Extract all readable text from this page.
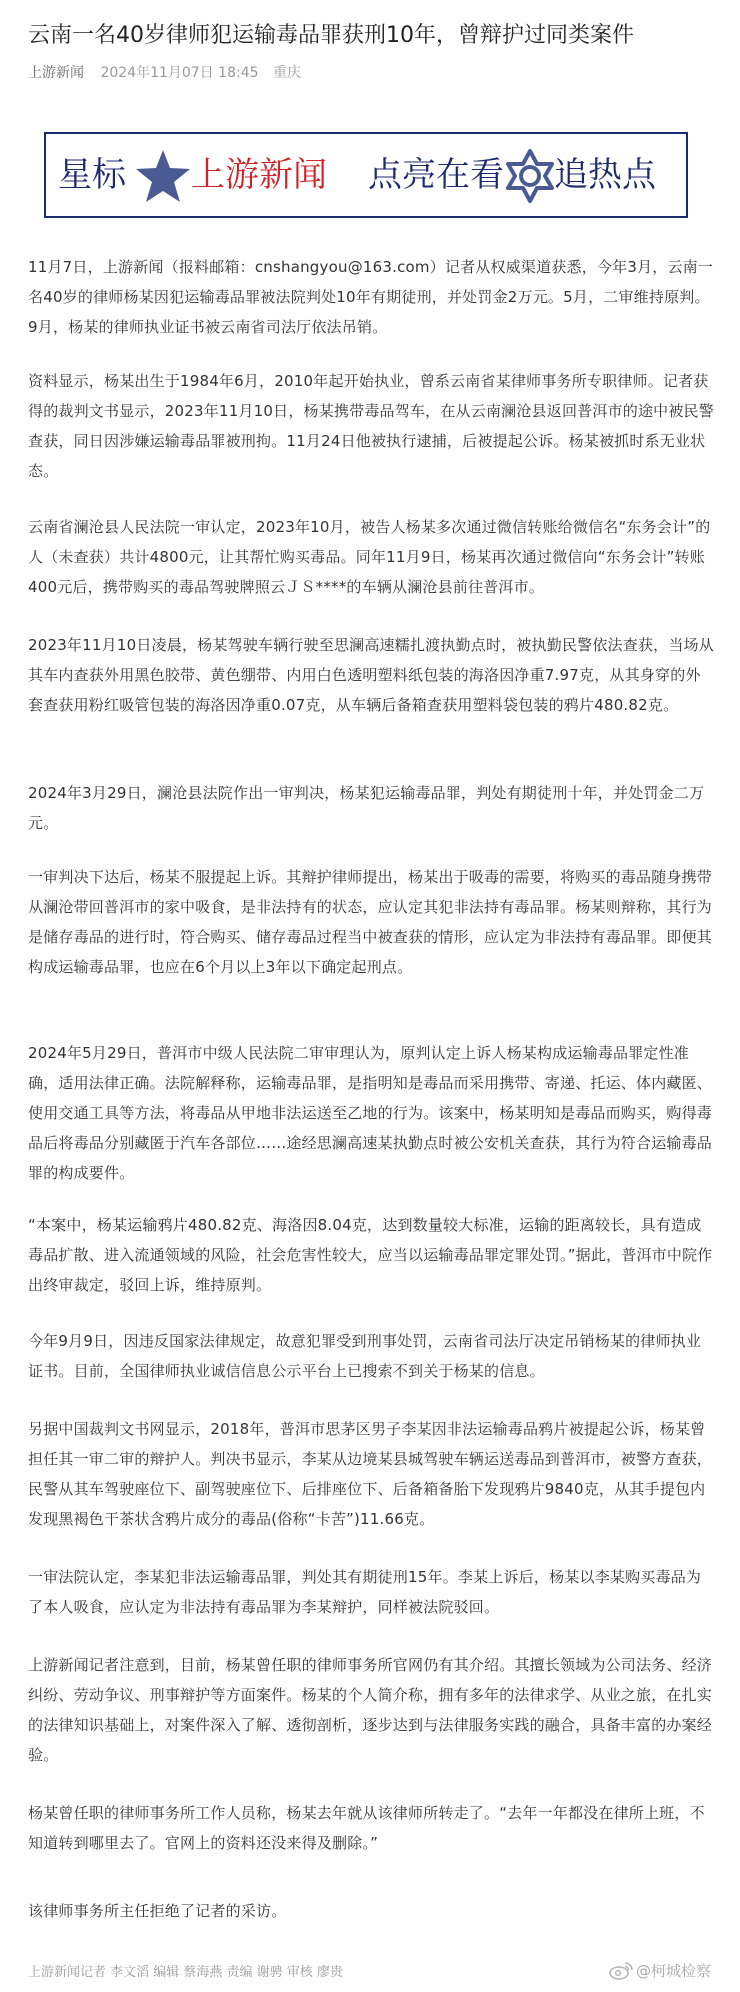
云南一名40岁律师犯运输毒品罪获刑10年，曾辩护过同类案件
上游新闻 2024年11月07日 18:45 重庆
星标 上游新闻 点亮在看 追热点

11月7日，上游新闻（报料邮箱：cnshangyou@163.com）记者从权威渠道获悉，今年3月，云南一名40岁的律师杨某因犯运输毒品罪被法院判处10年有期徒刑，并处罚金2万元。5月，二审维持原判。9月，杨某的律师执业证书被云南省司法厅依法吊销。

资料显示，杨某出生于1984年6月，2010年起开始执业，曾系云南省某律师事务所专职律师。记者获得的裁判文书显示，2023年11月10日，杨某携带毒品驾车，在从云南澜沧县返回普洱市的途中被民警查获，同日因涉嫌运输毒品罪被刑拘。11月24日他被执行逮捕，后被提起公诉。杨某被抓时系无业状态。

云南省澜沧县人民法院一审认定，2023年10月，被告人杨某多次通过微信转账给微信名“东务会计”的人（未查获）共计4800元，让其帮忙购买毒品。同年11月9日，杨某再次通过微信向“东务会计”转账400元后，携带购买的毒品驾驶牌照云ＪＳ****的车辆从澜沧县前往普洱市。

2023年11月10日凌晨，杨某驾驶车辆行驶至思澜高速糯扎渡执勤点时，被执勤民警依法查获，当场从其车内查获外用黑色胶带、黄色绷带、内用白色透明塑料纸包装的海洛因净重7.97克，从其身穿的外套查获用粉红吸管包装的海洛因净重0.07克，从车辆后备箱查获用塑料袋包装的鸦片480.82克。

2024年3月29日，澜沧县法院作出一审判决，杨某犯运输毒品罪，判处有期徒刑十年，并处罚金二万元。

一审判决下达后，杨某不服提起上诉。其辩护律师提出，杨某出于吸毒的需要，将购买的毒品随身携带从澜沧带回普洱市的家中吸食，是非法持有的状态，应认定其犯非法持有毒品罪。杨某则辩称，其行为是储存毒品的进行时，符合购买、储存毒品过程当中被查获的情形，应认定为非法持有毒品罪。即便其构成运输毒品罪，也应在6个月以上3年以下确定起刑点。

2024年5月29日，普洱市中级人民法院二审审理认为，原判认定上诉人杨某构成运输毒品罪定性准确，适用法律正确。法院解释称，运输毒品罪，是指明知是毒品而采用携带、寄递、托运、体内藏匿、使用交通工具等方法，将毒品从甲地非法运送至乙地的行为。该案中，杨某明知是毒品而购买，购得毒品后将毒品分别藏匿于汽车各部位……途经思澜高速某执勤点时被公安机关查获，其行为符合运输毒品罪的构成要件。

“本案中，杨某运输鸦片480.82克、海洛因8.04克，达到数量较大标准，运输的距离较长，具有造成毒品扩散、进入流通领域的风险，社会危害性较大，应当以运输毒品罪定罪处罚。”据此，普洱市中院作出终审裁定，驳回上诉，维持原判。

今年9月9日，因违反国家法律规定，故意犯罪受到刑事处罚，云南省司法厅决定吊销杨某的律师执业证书。目前，全国律师执业诚信信息公示平台上已搜索不到关于杨某的信息。

另据中国裁判文书网显示，2018年，普洱市思茅区男子李某因非法运输毒品鸦片被提起公诉，杨某曾担任其一审二审的辩护人。判决书显示，李某从边境某县城驾驶车辆运送毒品到普洱市，被警方查获，民警从其车驾驶座位下、副驾驶座位下、后排座位下、后备箱备胎下发现鸦片9840克，从其手提包内发现黑褐色干茶状含鸦片成分的毒品(俗称“卡苦”)11.66克。

一审法院认定，李某犯非法运输毒品罪，判处其有期徒刑15年。李某上诉后，杨某以李某购买毒品为了本人吸食，应认定为非法持有毒品罪为李某辩护，同样被法院驳回。

上游新闻记者注意到，目前，杨某曾任职的律师事务所官网仍有其介绍。其擅长领域为公司法务、经济纠纷、劳动争议、刑事辩护等方面案件。杨某的个人简介称，拥有多年的法律求学、从业之旅，在扎实的法律知识基础上，对案件深入了解、透彻剖析，逐步达到与法律服务实践的融合，具备丰富的办案经验。

杨某曾任职的律师事务所工作人员称，杨某去年就从该律师所转走了。“去年一年都没在律所上班，不知道转到哪里去了。官网上的资料还没来得及删除。”

该律师事务所主任拒绝了记者的采访。

上游新闻记者 李文滔 编辑 蔡海燕 责编 谢骋 审核 廖贵	@柯城检察
